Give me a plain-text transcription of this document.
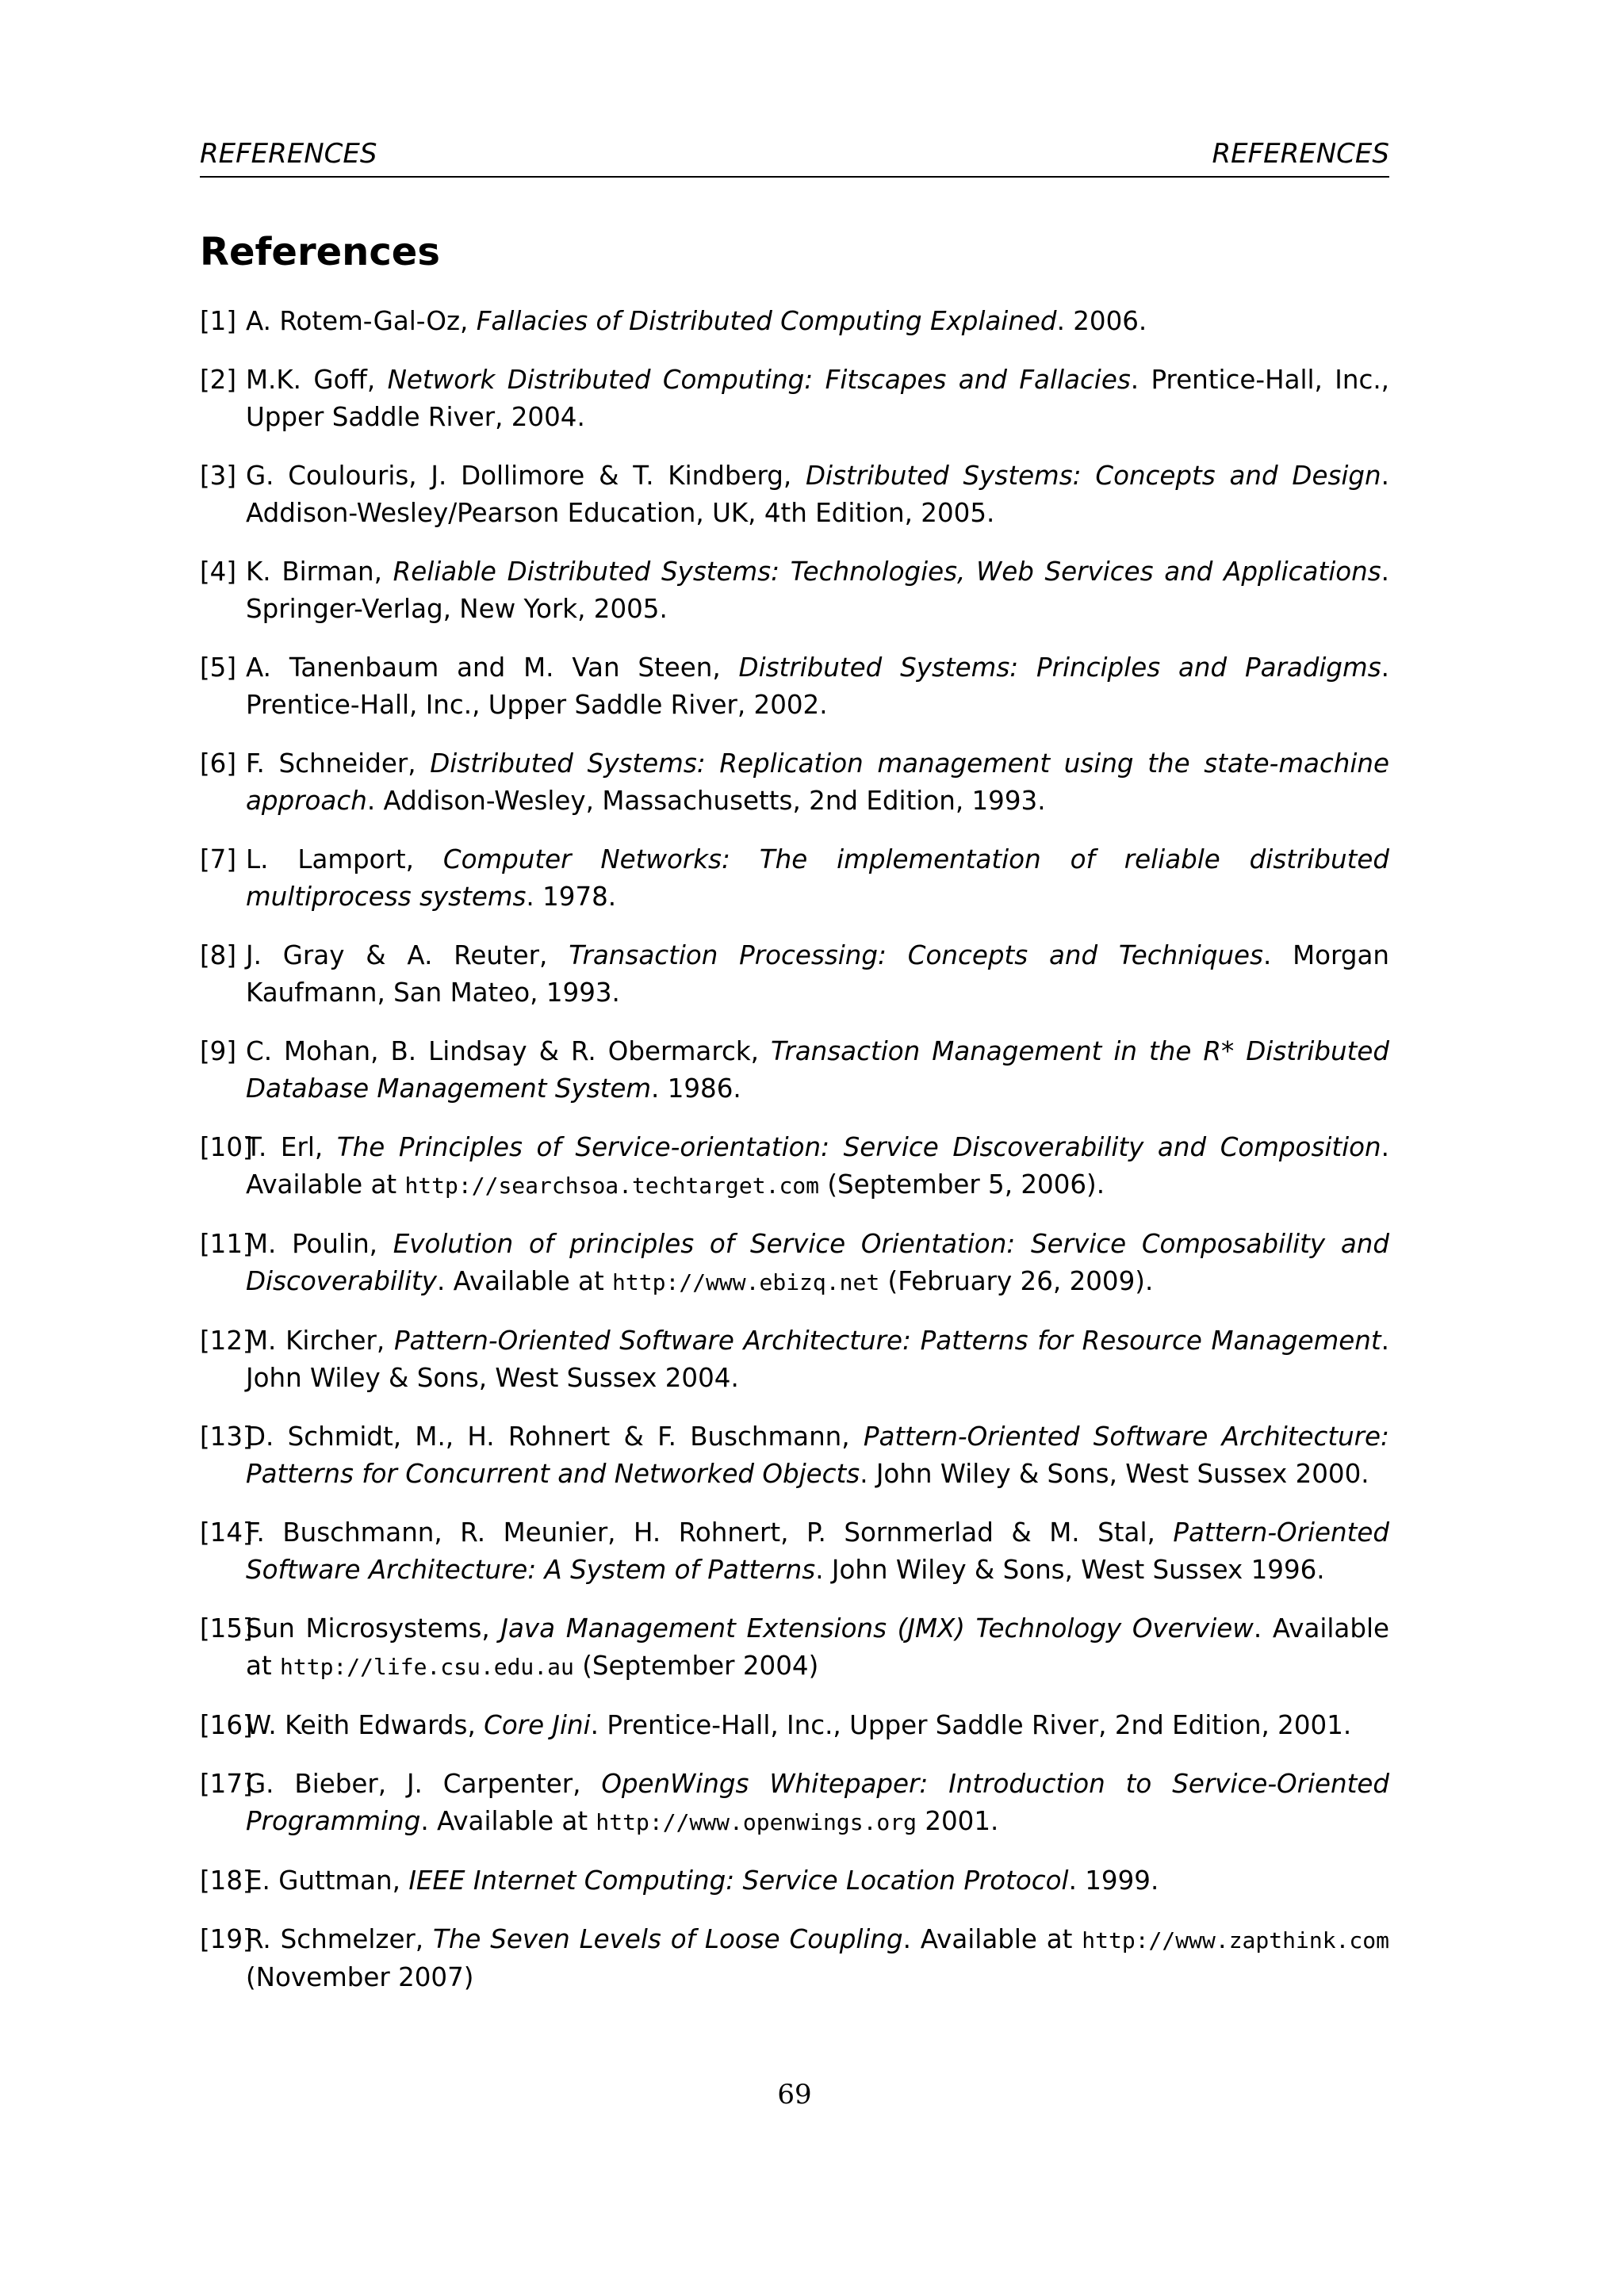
REFERENCES	REFERENCES
References
[1] A. Rotem-Gal-Oz, Fallacies of Distributed Computing Explained. 2006.
[2] M.K. Goff, Network Distributed Computing: Fitscapes and Fallacies. Prentice-Hall, Inc., Upper Saddle River, 2004.
[3] G. Coulouris, J. Dollimore & T. Kindberg, Distributed Systems: Concepts and Design. Addison-Wesley/Pearson Education, UK, 4th Edition, 2005.
[4] K. Birman, Reliable Distributed Systems: Technologies, Web Services and Applications. Springer-Verlag, New York, 2005.
[5] A. Tanenbaum and M. Van Steen, Distributed Systems: Principles and Paradigms. Prentice-Hall, Inc., Upper Saddle River, 2002.
[6] F. Schneider, Distributed Systems: Replication management using the state-machine approach. Addison-Wesley, Massachusetts, 2nd Edition, 1993.
[7] L. Lamport, Computer Networks: The implementation of reliable distributed multiprocess systems. 1978.
[8] J. Gray & A. Reuter, Transaction Processing: Concepts and Techniques. Morgan Kaufmann, San Mateo, 1993.
[9] C. Mohan, B. Lindsay & R. Obermarck, Transaction Management in the R* Distributed Database Management System. 1986.
[10]
T. Erl, The Principles of Service-orientation: Service Discoverability and Composition. Available at http://searchsoa.techtarget.com (September 5, 2006).
[11]
M. Poulin, Evolution of principles of Service Orientation: Service Composability and Discoverability. Available at http://www.ebizq.net (February 26, 2009).
[12]
M. Kircher, Pattern-Oriented Software Architecture: Patterns for Resource Management. John Wiley & Sons, West Sussex 2004.
[13]
D. Schmidt, M., H. Rohnert & F. Buschmann, Pattern-Oriented Software Architecture: Patterns for Concurrent and Networked Objects. John Wiley & Sons, West Sussex 2000.
[14]
F. Buschmann, R. Meunier, H. Rohnert, P. Sornmerlad & M. Stal, Pattern-Oriented Software Architecture: A System of Patterns. John Wiley & Sons, West Sussex 1996.
[15]
Sun Microsystems, Java Management Extensions (JMX) Technology Overview. Available at http://life.csu.edu.au (September 2004)
[16]
W. Keith Edwards, Core Jini. Prentice-Hall, Inc., Upper Saddle River, 2nd Edition, 2001.
[17]
G. Bieber, J. Carpenter, OpenWings Whitepaper: Introduction to Service-Oriented Programming. Available at http://www.openwings.org 2001.
[18]
E. Guttman, IEEE Internet Computing: Service Location Protocol. 1999.
[19]
R. Schmelzer, The Seven Levels of Loose Coupling. Available at http://www.zapthink.com (November 2007)
69
